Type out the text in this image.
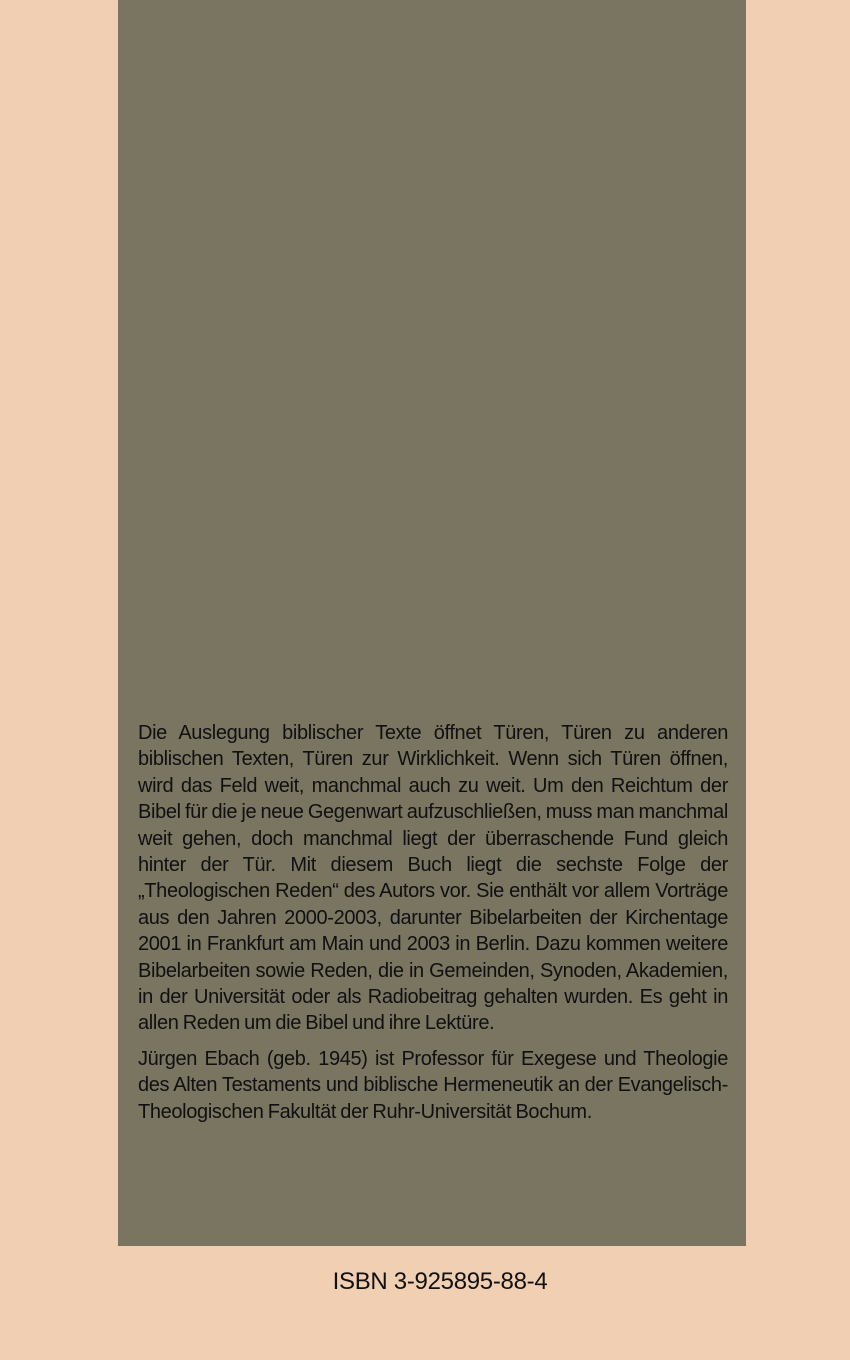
Die Auslegung biblischer Texte öffnet Türen, Türen zu anderen biblischen Texten, Türen zur Wirklichkeit. Wenn sich Türen öffnen, wird das Feld weit, manchmal auch zu weit. Um den Reichtum der Bibel für die je neue Gegenwart aufzuschließen, muss man manchmal weit gehen, doch manchmal liegt der überraschende Fund gleich hinter der Tür. Mit diesem Buch liegt die sechste Folge der „Theologischen Reden“ des Autors vor. Sie enthält vor allem Vorträge aus den Jahren 2000-2003, darunter Bibelarbeiten der Kirchentage 2001 in Frankfurt am Main und 2003 in Berlin. Dazu kommen weitere Bibelarbeiten sowie Reden, die in Gemeinden, Synoden, Akademien, in der Universität oder als Radiobeitrag gehalten wurden. Es geht in allen Reden um die Bibel und ihre Lektüre.

Jürgen Ebach (geb. 1945) ist Professor für Exegese und Theologie des Alten Testaments und biblische Hermeneutik an der Evangelisch-Theologischen Fakultät der Ruhr-Universität Bochum.

ISBN 3-925895-88-4
